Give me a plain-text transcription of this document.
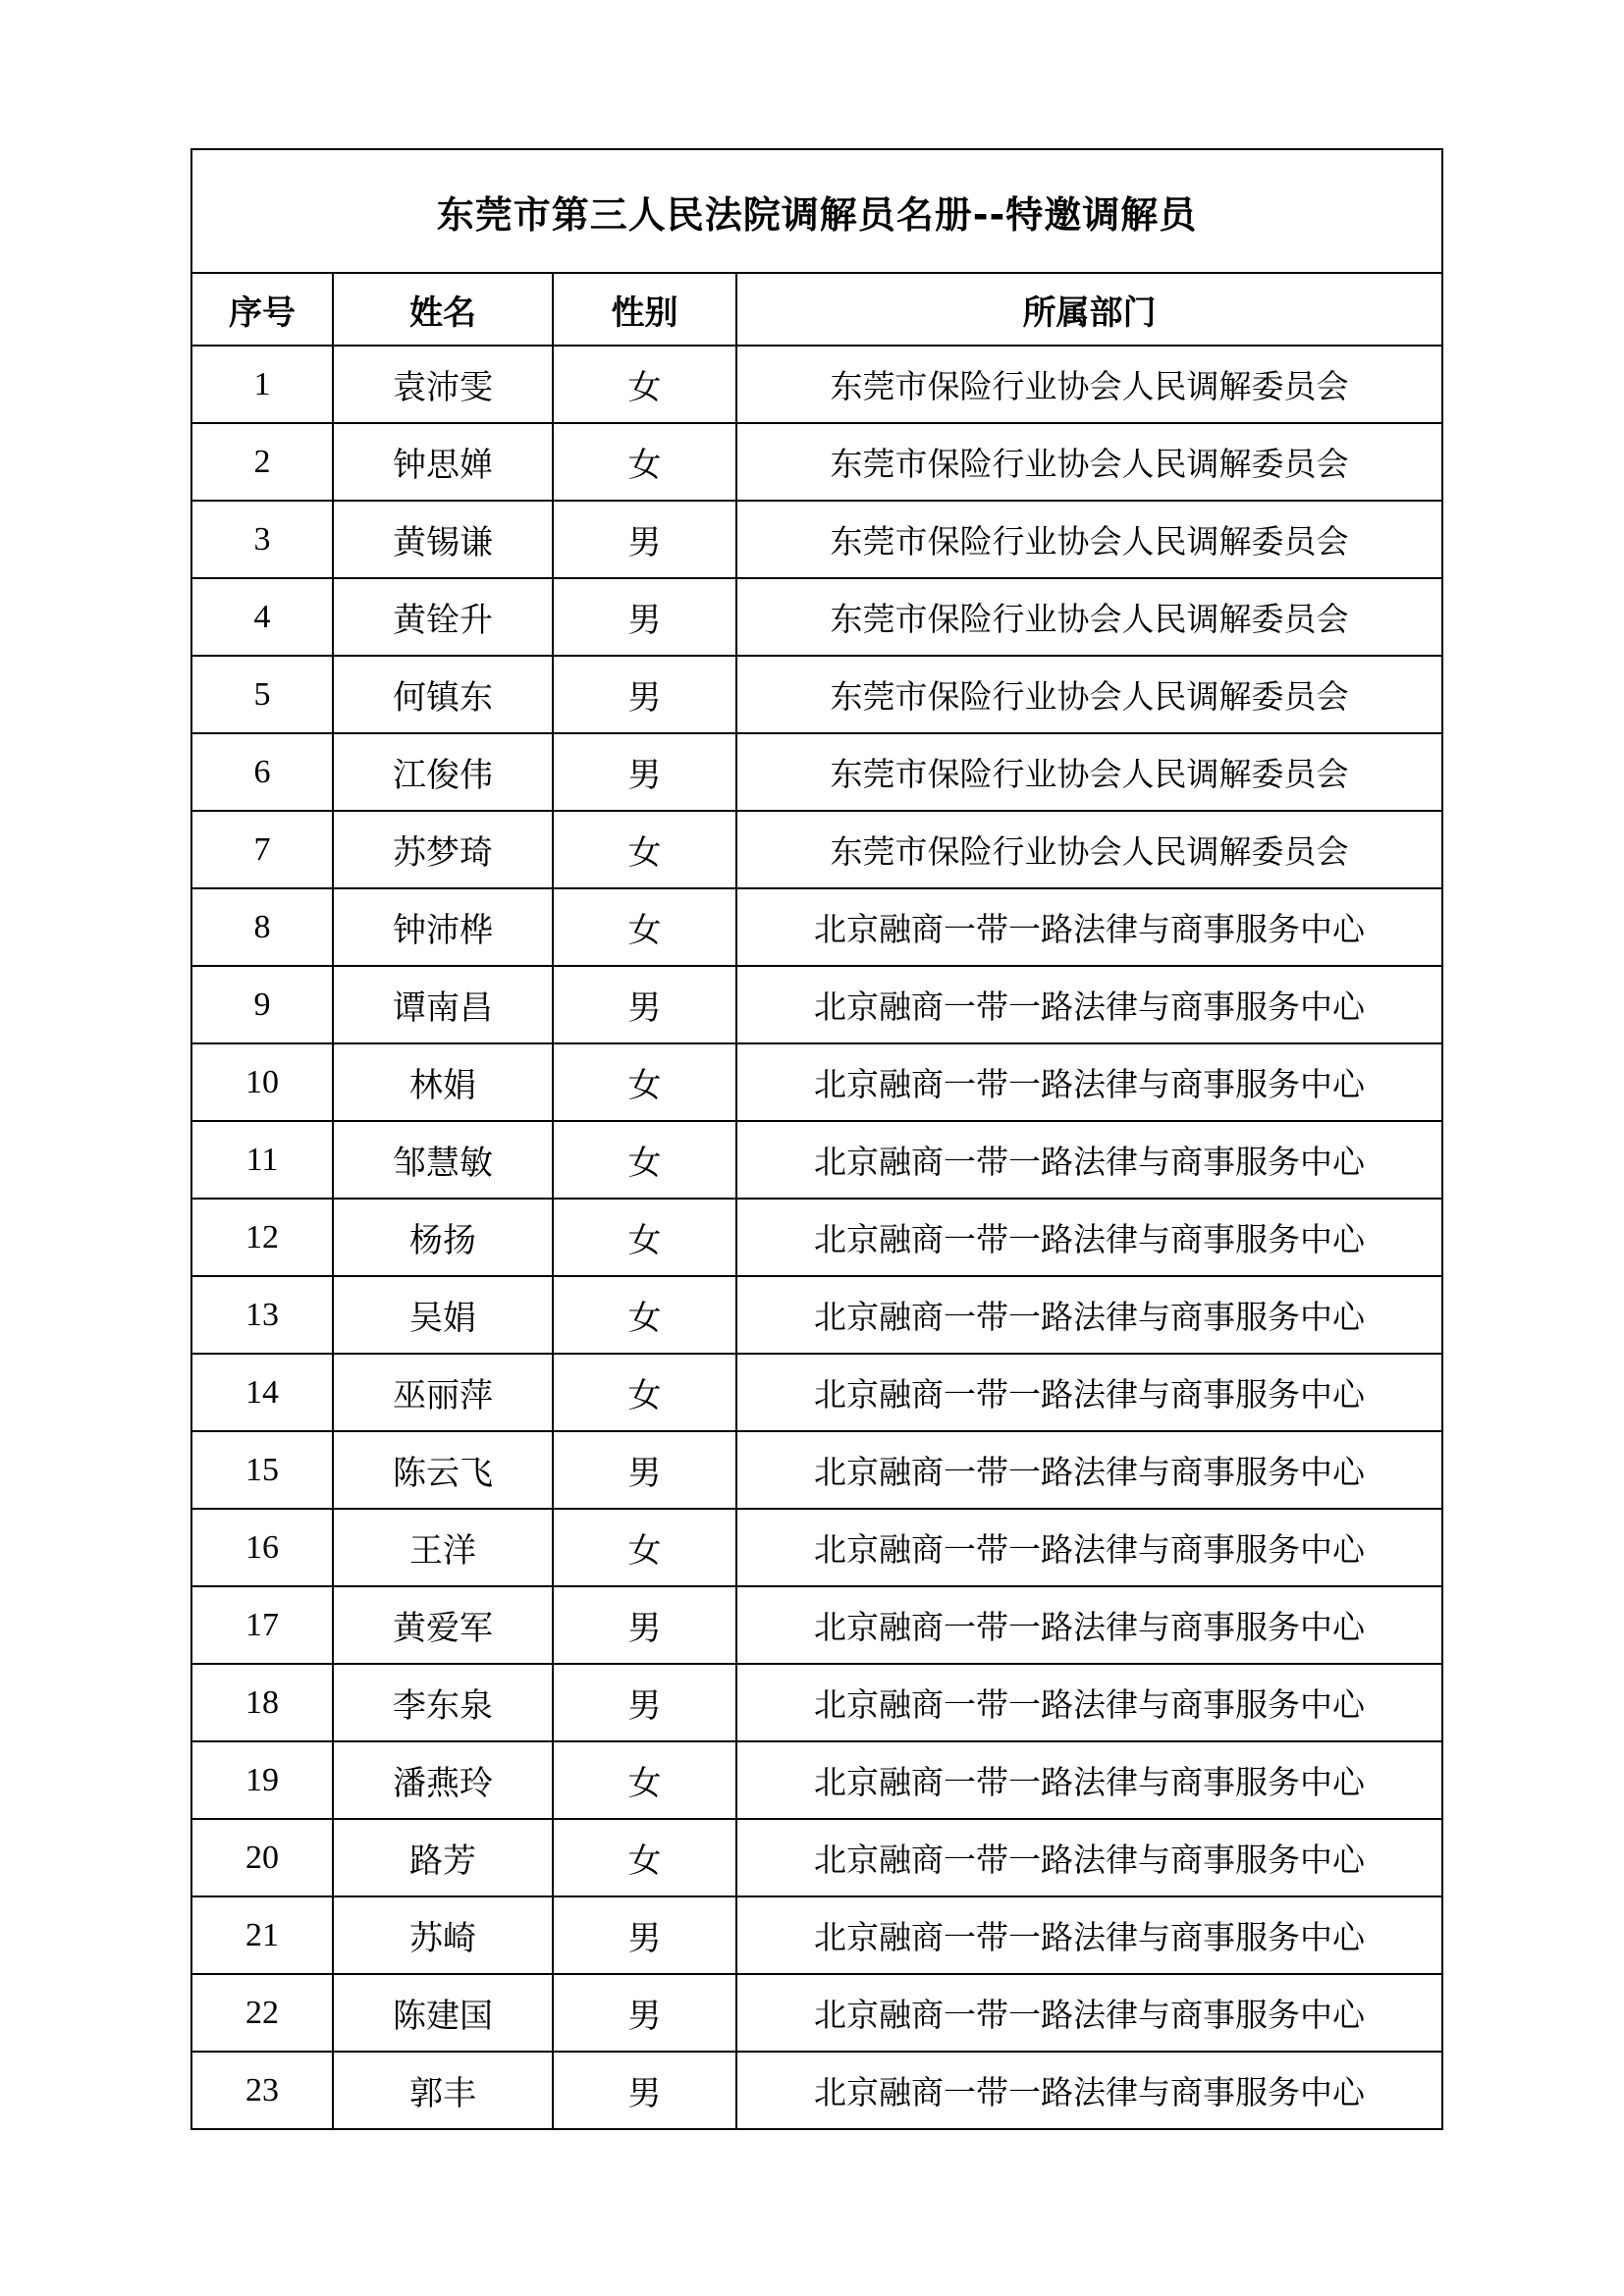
东莞市第三人民法院调解员名册--特邀调解员			
序号	姓名	性别	所属部门
1	袁沛雯	女	东莞市保险行业协会人民调解委员会
2	钟思婵	女	东莞市保险行业协会人民调解委员会
3	黄锡谦	男	东莞市保险行业协会人民调解委员会
4	黄铨升	男	东莞市保险行业协会人民调解委员会
5	何镇东	男	东莞市保险行业协会人民调解委员会
6	江俊伟	男	东莞市保险行业协会人民调解委员会
7	苏梦琦	女	东莞市保险行业协会人民调解委员会
8	钟沛桦	女	北京融商一带一路法律与商事服务中心
9	谭南昌	男	北京融商一带一路法律与商事服务中心
10	林娟	女	北京融商一带一路法律与商事服务中心
11	邹慧敏	女	北京融商一带一路法律与商事服务中心
12	杨扬	女	北京融商一带一路法律与商事服务中心
13	吴娟	女	北京融商一带一路法律与商事服务中心
14	巫丽萍	女	北京融商一带一路法律与商事服务中心
15	陈云飞	男	北京融商一带一路法律与商事服务中心
16	王洋	女	北京融商一带一路法律与商事服务中心
17	黄爱军	男	北京融商一带一路法律与商事服务中心
18	李东泉	男	北京融商一带一路法律与商事服务中心
19	潘燕玲	女	北京融商一带一路法律与商事服务中心
20	路芳	女	北京融商一带一路法律与商事服务中心
21	苏崎	男	北京融商一带一路法律与商事服务中心
22	陈建国	男	北京融商一带一路法律与商事服务中心
23	郭丰	男	北京融商一带一路法律与商事服务中心
